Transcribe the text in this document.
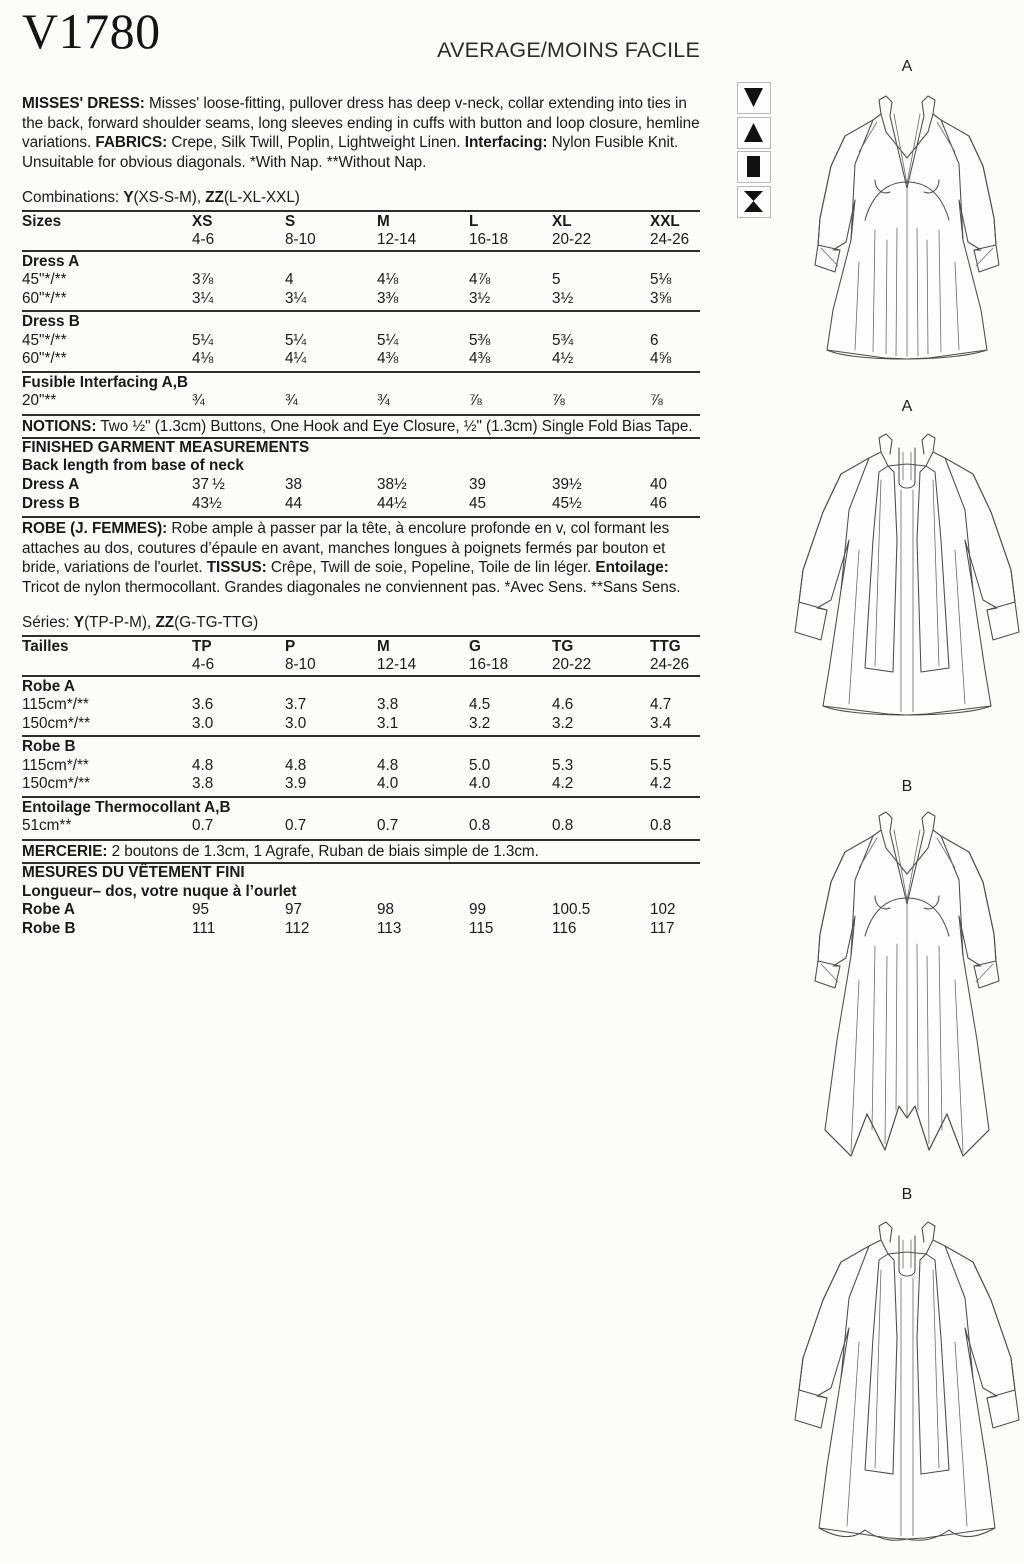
V1780	AVERAGE/MOINS FACILE
MISSES' DRESS: Misses' loose-fitting, pullover dress has deep v-neck, collar extending into ties in the back, forward shoulder seams, long sleeves ending in cuffs with button and loop closure, hemline variations. FABRICS: Crepe, Silk Twill, Poplin, Lightweight Linen. Interfacing: Nylon Fusible Knit. Unsuitable for obvious diagonals. *With Nap. **Without Nap.
Combinations: Y(XS-S-M), ZZ(L-XL-XXL)
Sizes	XS	S	M	L	XL	XXL
	4-6	8-10	12-14	16-18	20-22	24-26
Dress A						
45"*/**	3⅞	4	4⅛	4⅞	5	5⅛
60"*/**	3¼	3¼	3⅜	3½	3½	3⅝
Dress B						
45"*/**	5¼	5¼	5¼	5⅜	5¾	6
60"*/**	4⅛	4¼	4⅜	4⅜	4½	4⅝
Fusible Interfacing A,B						
20"**	¾	¾	¾	⅞	⅞	⅞
NOTIONS: Two ½" (1.3cm) Buttons, One Hook and Eye Closure, ½" (1.3cm) Single Fold Bias Tape.
FINISHED GARMENT MEASUREMENTS
Back length from base of neck
Dress A	37 ½	38	38½	39	39½	40
Dress B	43½	44	44½	45	45½	46
ROBE (J. FEMMES): Robe ample à passer par la tête, à encolure profonde en v, col formant les attaches au dos, coutures d’épaule en avant, manches longues à poignets fermés par bouton et bride, variations de l'ourlet. TISSUS: Crêpe, Twill de soie, Popeline, Toile de lin léger. Entoilage: Tricot de nylon thermocollant. Grandes diagonales ne conviennent pas. *Avec Sens. **Sans Sens.
Séries: Y(TP-P-M), ZZ(G-TG-TTG)
Tailles	TP	P	M	G	TG	TTG
	4-6	8-10	12-14	16-18	20-22	24-26
Robe A						
115cm*/**	3.6	3.7	3.8	4.5	4.6	4.7
150cm*/**	3.0	3.0	3.1	3.2	3.2	3.4
Robe B						
115cm*/**	4.8	4.8	4.8	5.0	5.3	5.5
150cm*/**	3.8	3.9	4.0	4.0	4.2	4.2
Entoilage Thermocollant A,B						
51cm**	0.7	0.7	0.7	0.8	0.8	0.8
MERCERIE: 2 boutons de 1.3cm, 1 Agrafe, Ruban de biais simple de 1.3cm.
MESURES DU VÊTEMENT FINI
Longueur– dos, votre nuque à l’ourlet
Robe A	95	97	98	99	100.5	102
Robe B	111	112	113	115	116	117
A
A
B
B
